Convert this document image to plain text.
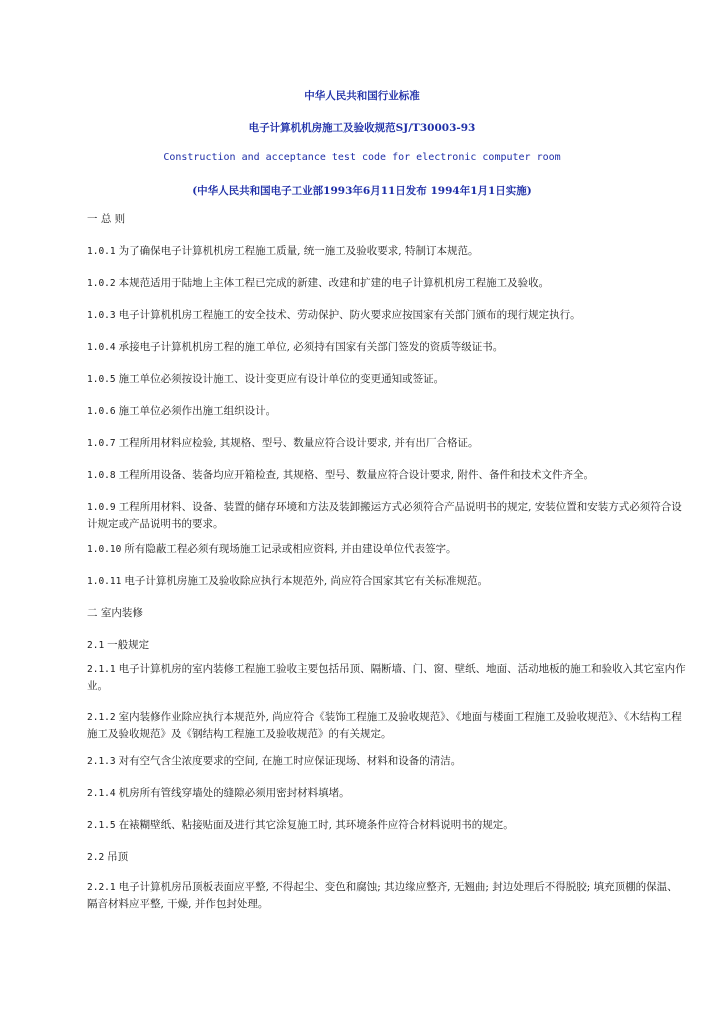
中华人民共和国行业标准
电子计算机机房施工及验收规范SJ/T30003-93
Construction and acceptance test code for electronic computer room
(中华人民共和国电子工业部1993年6月11日发布 1994年1月1日实施)
一 总 则
1.0.1 为了确保电子计算机机房工程施工质量, 统一施工及验收要求, 特制订本规范。
1.0.2 本规范适用于陆地上主体工程已完成的新建、改建和扩建的电子计算机机房工程施工及验收。
1.0.3 电子计算机机房工程施工的安全技术、劳动保护、防火要求应按国家有关部门颁布的现行规定执行。
1.0.4 承接电子计算机机房工程的施工单位, 必须持有国家有关部门签发的资质等级证书。
1.0.5 施工单位必须按设计施工、设计变更应有设计单位的变更通知或签证。
1.0.6 施工单位必须作出施工组织设计。
1.0.7 工程所用材料应检验, 其规格、型号、数量应符合设计要求, 并有出厂合格证。
1.0.8 工程所用设备、装备均应开箱检查, 其规格、型号、数量应符合设计要求, 附件、备件和技术文件齐全。
1.0.9 工程所用材料、设备、装置的储存环境和方法及装卸搬运方式必须符合产品说明书的规定, 安装位置和安装方式必须符合设计规定或产品说明书的要求。
1.0.10 所有隐蔽工程必须有现场施工记录或相应资料, 并由建设单位代表签字。
1.0.11 电子计算机房施工及验收除应执行本规范外, 尚应符合国家其它有关标准规范。
二 室内装修
2.1 一般规定
2.1.1 电子计算机房的室内装修工程施工验收主要包括吊顶、隔断墙、门、窗、壁纸、地面、活动地板的施工和验收入其它室内作业。
2.1.2 室内装修作业除应执行本规范外, 尚应符合《装饰工程施工及验收规范》、《地面与楼面工程施工及验收规范》、《木结构工程施工及验收规范》及《钢结构工程施工及验收规范》的有关规定。
2.1.3 对有空气含尘浓度要求的空间, 在施工时应保证现场、材料和设备的清洁。
2.1.4 机房所有管线穿墙处的缝隙必须用密封材料填堵。
2.1.5 在裱糊壁纸、粘接贴面及进行其它涂复施工时, 其环境条件应符合材料说明书的规定。
2.2 吊顶
2.2.1 电子计算机房吊顶板表面应平整, 不得起尘、变色和腐蚀; 其边缘应整齐, 无翘曲; 封边处理后不得脱胶; 填充顶棚的保温、隔音材料应平整, 干燥, 并作包封处理。
